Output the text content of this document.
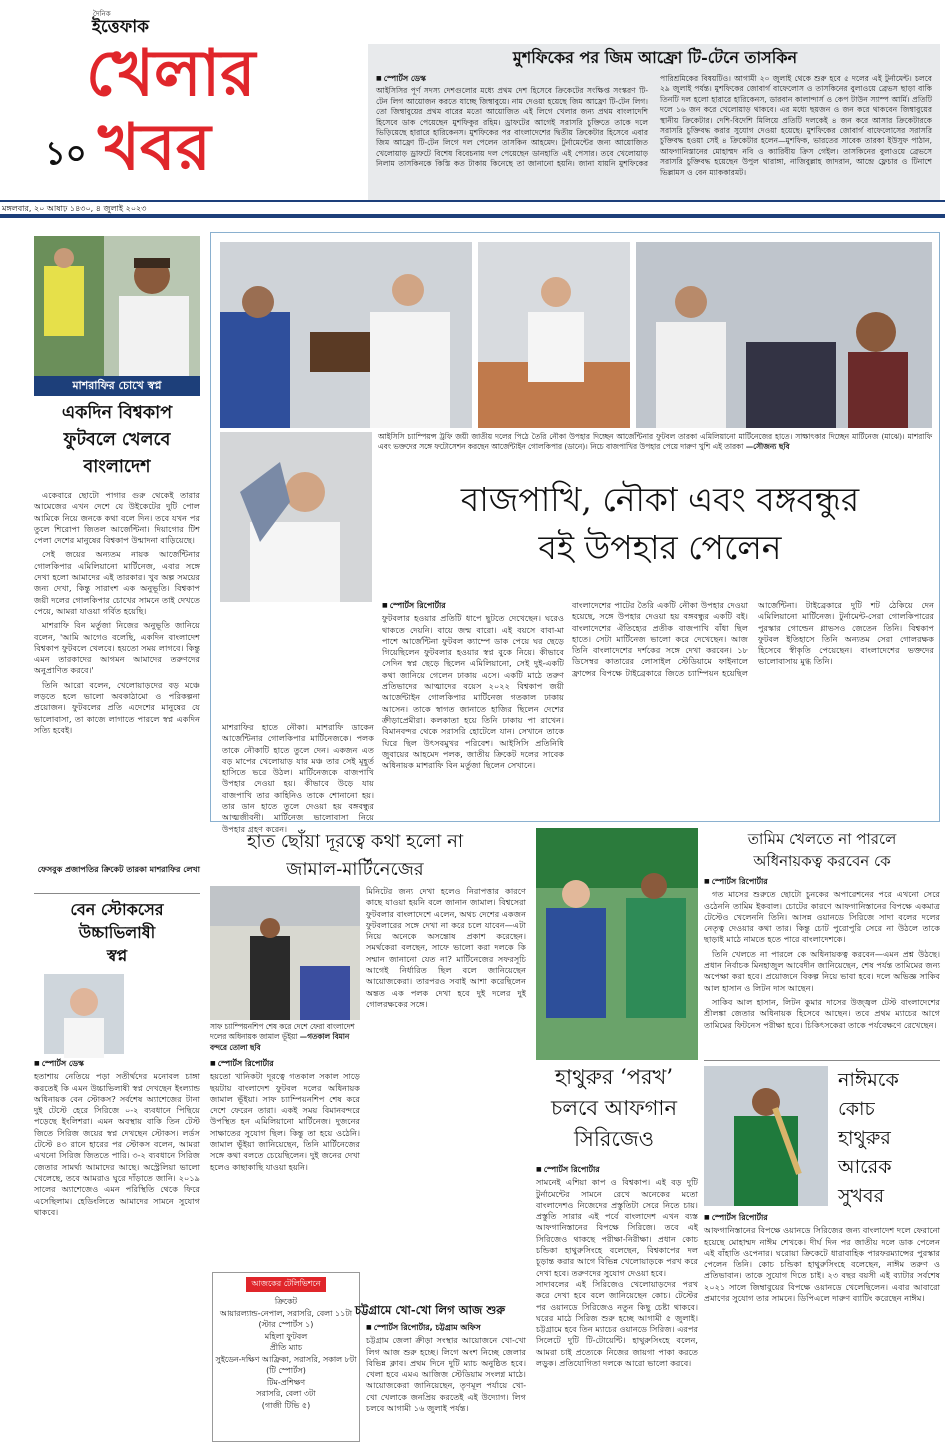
দৈনিক
ইত্তেফাক
খেলার
১০ খবর
মুশফিকের পর জিম আফ্রো টি-টেনে তাসকিন
■ স্পোর্টস ডেস্ক
আইসিসির পূর্ণ সদস্য দেশগুলোর মধ্যে প্রথম দেশ হিসেবে ক্রিকেটের সংক্ষিপ্ত সংস্করণ টি-টেন লিগ আয়োজন করতে যাচ্ছে জিম্বাবুয়ে। নাম দেওয়া হয়েছে জিম আফ্রো টি-টেন লিগ। তো জিম্বাবুয়ের প্রথম বারের মতো আয়োজিত এই লিগে খেলার জন্য প্রথম বাংলাদেশি হিসেবে ডাক পেয়েছেন মুশফিকুর রহিম। ড্রাফটের আগেই সরাসরি চুক্তিতে তাকে দলে ভিড়িয়েছে হারারে হারিকেনস। মুশফিকের পর বাংলাদেশের দ্বিতীয় ক্রিকেটার হিসেবে এবার জিম আফ্রো টি-টেন লিগে দল পেলেন তাসকিন আহমেদ। টুর্নামেন্টের জন্য আয়োজিত খেলোয়াড় ড্রাফটে বিশেষ বিবেচনায় দল পেয়েছেন ডানহাতি এই পেসার। তবে খেলোয়াড় নিলাম তাসকিনকে কিস্তি কত টাকায় কিনেছে তা জানানো হয়নি। জানা যায়নি মুশফিকের পারিশ্রমিকের বিষয়টিও। আগামী ২০ জুলাই থেকে শুরু হবে ৫ দলের এই টুর্নামেন্ট। চলবে ২৯ জুলাই পর্যন্ত। মুশফিকের জোবার্গ বাফেলোস ও তাসকিনের বুলাওয়ে ব্রেভস ছাড়া বাকি তিনটি দল হলো হারারে হারিকেনস, ডারবান কালান্দার্স ও কেপ টাউন স্যাম্প আর্মি। প্রতিটি দলে ১৬ জন করে খেলোয়াড় থাকবে। এর মধ্যে ছয়জন ও জন করে থাকবেন জিম্বাবুয়ের স্থানীয় ক্রিকেটার। দেশি-বিদেশি মিলিয়ে প্রতিটি দলকেই ৪ জন করে আসার ক্রিকেটারকে সরাসরি চুক্তিবদ্ধ করার সুযোগ দেওয়া হয়েছে। মুশফিকের জোবার্গ বাফেলোসের সরাসরি চুক্তিবদ্ধ হওয়া সেই ৪ ক্রিকেটার হলেন—মুশফিক, ভারতের সাবেক তারকা ইউসুফ পাঠান, আফগানিস্তানের মোহাম্মদ নবি ও ক্যারিবীয় ক্রিস গেইল। তাসকিনের বুলাওয়ে ব্রেভসে সরাসরি চুক্তিবদ্ধ হয়েছেন উপুল থারাঙ্গা, নাজিবুল্লাহ জাদরান, আন্দ্রে ফ্লেচার ও টিনাশে ভিল্লামস ও বেন ম্যাককারমট।
মঙ্গলবার, ২০ আষাঢ় ১৪৩০, ৪ জুলাই ২০২৩
মাশরাফির চোখে স্বপ্ন
একদিন বিশ্বকাপ ফুটবলে খেলবে বাংলাদেশ

একেবারে ছোটো পাগার গুরু থেকেই তারার আমেজের এখন দেশে যে উইকেটের দুটি পোল আমিকে নিয়ে জনকে কথা বলে দিন। তবে যখন পর তুলে শিরোপা জিতল আর্জেন্টিনা। দিয়াগোর টিশ পেলা দেশের মানুষের বিশ্বকাপ উন্মাদনা বাড়িয়েছে।

সেই জয়ের অন্যতম নায়ক আর্জেন্টিনার গোলকিপার এমিলিয়ানো মার্টিনেজ, এবার সঙ্গে দেখা হলো আমাদের এই তারকার। খুব অল্প সময়ের জন্য দেখা, কিন্তু সারাংশ এক অনুভূতি। বিশ্বকাপ জয়ী দলের গোলকিপার চোখের সামনে তাই দেখতে পেয়ে, আমরা যাওয়া গর্বিত হয়েছি।

মাশরাফি বিন মর্তুজা নিজের অনুভূতি জানিয়ে বলেন, 'আমি আগেও বলেছি, একদিন বাংলাদেশ বিশ্বকাপ ফুটবলে খেলবে। হয়তো সময় লাগবে। কিন্তু এমন তারকাদের আগমন আমাদের তরুণদের অনুপ্রাণিত করবে।'

তিনি আরো বলেন, খেলোয়াড়দের বড় মঞ্চে লড়তে হলে ভালো অবকাঠামো ও পরিকল্পনা প্রয়োজন। ফুটবলের প্রতি এদেশের মানুষের যে ভালোবাসা, তা কাজে লাগাতে পারলে স্বপ্ন একদিন সত্যি হবেই।

ফেসবুক প্রজাপতির ক্রিকেট তারকা মাশরাফির লেখা
বেন স্টোকসের
উচ্চাভিলাষী
স্বপ্ন
■ স্পোর্টস ডেস্ক
হতাশায় নেতিয়ে পড়া সতীর্থদের মনোবল চাঙ্গা করতেই কি এমন উচ্চাভিলাষী স্বপ্ন দেখছেন ইংল্যান্ড অধিনায়ক বেন স্টোকস? সর্বশেষ অ্যাশেজের টানা দুই টেস্টে হেরে সিরিজে ০-২ ব্যবধানে পিছিয়ে পড়েছে ইংলিশরা। এমন অবস্থায় বাকি তিন টেস্ট জিতে সিরিজ জয়ের স্বপ্ন দেখছেন স্টোকস। লর্ডস টেস্টে ৪৩ রানে হারের পর স্টোকস বলেন, আমরা এখনো সিরিজ জিততে পারি। ৩-২ ব্যবধানে সিরিজ জেতার সামর্থ্য আমাদের আছে। অস্ট্রেলিয়া ভালো খেলেছে, তবে আমরাও ঘুরে দাঁড়াতে জানি। ২০১৯ সালের অ্যাশেজেও এমন পরিস্থিতি থেকে ফিরে এসেছিলাম। হেডিংলিতে আমাদের সামনে সুযোগ থাকবে।
আইসিসি চ্যাম্পিয়ন্স ট্রফি জয়ী জাতীয় দলের পিঠে তৈরি নৌকা উপহার দিচ্ছেন আর্জেন্টিনার ফুটবল তারকা এমিলিয়ানো মার্টিনেজের হাতে। সাক্ষাৎকার দিচ্ছেন মার্টিনেজ (মাঝে)। মাশরাফি এবং ভক্তদের সঙ্গে ফটোসেশন করছেন আর্জেন্টাইন গোলকিপার (ডানে)। নিচে বাজপাখির উপহার পেয়ে দারুণ খুশি এই তারকা —সৌজন্য ছবি
বাজপাখি, নৌকা এবং বঙ্গবন্ধুর
বই উপহার পেলেন
■ স্পোর্টস রিপোর্টার
ফুটবলার হওয়ার প্রতিটি ধাপে ছুটতে দেখেছেন। ঘরেও থাকতে দেয়নি। বায়ে জন্ম বারো। এই বয়সে বাবা-মা পাশে আর্জেন্টিনা ফুটবল ক্যাম্পে ডাক পেয়ে ঘর ছেড়ে গিয়েছিলেন ফুটবলার হওয়ার স্বপ্ন বুকে নিয়ে। কীভাবে সেদিন স্বপ্ন ছেড়ে ছিলেন এমিলিয়ানো, সেই দুই-একটি কথা জানিয়ে গেলেন ঢাকায় এসে। একটি মাঠে তরুণ প্রতিভাদের আত্মাদের বয়েস ২০২২ বিশ্বকাপ জয়ী আর্জেন্টাইন গোলকিপার মার্টিনেজ গতকাল ঢাকায় আসেন। তাকে স্বাগত জানাতে হাজির ছিলেন দেশের ক্রীড়াপ্রেমীরা। কলকাতা হয়ে তিনি ঢাকায় পা রাখেন। বিমানবন্দর থেকে সরাসরি হোটেলে যান। সেখানে তাকে ঘিরে ছিল উৎসবমুখর পরিবেশ। আইসিসি প্রতিনিধি জুবায়ের আহমেদ পলক, জাতীয় ক্রিকেট দলের সাবেক অধিনায়ক মাশরাফি বিন মর্তুজা ছিলেন সেখানে।
মাশরাফির হাতে নৌকা। মাশরাফি ডাকেন আর্জেন্টিনার গোলকিপার মার্টিনেজকে। পলক তাকে নৌকাটি হাতে তুলে দেন। একজন এত বড় মাপের খেলোয়াড় যার মঞ্চ তার সেই মূহূর্ত হাসিতে ভরে উঠল। মার্টিনেজকে বাজপাখি উপহার দেওয়া হয়। কীভাবে উড়ে যায় বাজপাখি তার কাহিনিও তাকে শোনানো হয়। তার ডান হাতে তুলে দেওয়া হয় বঙ্গবন্ধুর আত্মজীবনী। মার্টিনেজ ভালোবাসা নিয়ে উপহার গ্রহণ করেন।
বাংলাদেশের পাটের তৈরি একটি নৌকা উপহার দেওয়া হয়েছে, সঙ্গে উপহার দেওয়া হয় বঙ্গবন্ধুর একটি বই। বাংলাদেশের ঐতিহ্যের প্রতীক বাজপাখি বাঁধা ছিল হাতে। সেটা মার্টিনেজ ভালো করে দেখেছেন। আজ তিনি বাংলাদেশের দর্শকের সঙ্গে দেখা করবেন। ১৮ ডিসেম্বর কাতারের লোসাইল স্টেডিয়ামে ফাইনালে ফ্রান্সের বিপক্ষে টাইব্রেকারে জিতে চ্যাম্পিয়ন হয়েছিল আর্জেন্টিনা। টাইব্রেকারে দুটি শট ঠেকিয়ে দেন এমিলিয়ানো মার্টিনেজ। টুর্নামেন্ট-সেরা গোলকিপারের পুরস্কার গোল্ডেন গ্লাভসও জেতেন তিনি। বিশ্বকাপ ফুটবল ইতিহাসে তিনি অন্যতম সেরা গোলরক্ষক হিসেবে স্বীকৃতি পেয়েছেন। বাংলাদেশের ভক্তদের ভালোবাসায় মুগ্ধ তিনি।
হাত ছোঁয়া দূরত্বে কথা হলো না
জামাল-মার্টিনেজের
সাফ চ্যাম্পিয়নশিপ শেষ করে দেশে ফেরা বাংলাদেশ দলের অধিনায়ক জামাল ভূঁইয়া —গতকাল বিমান বন্দরে তোলা ছবি
■ স্পোর্টস রিপোর্টার
হয়তো খানিকটা দূরত্বে গতকাল সকাল সাড়ে ছয়টায় বাংলাদেশ ফুটবল দলের অধিনায়ক জামাল ভূঁইয়া। সাফ চ্যাম্পিয়নশিপ শেষ করে দেশে ফেরেন তারা। একই সময় বিমানবন্দরে উপস্থিত হন এমিলিয়ানো মার্টিনেজ। দুজনের সাক্ষাতের সুযোগ ছিল। কিন্তু তা হয়ে ওঠেনি। জামাল ভূঁইয়া জানিয়েছেন, তিনি মার্টিনেজের সঙ্গে কথা বলতে চেয়েছিলেন। দুই জনের দেখা হলেও কাছাকাছি যাওয়া হয়নি।
মিনিটের জন্য দেখা হলেও নিরাপত্তার কারণে কাছে যাওয়া হয়নি বলে জানান জামাল। বিশ্বসেরা ফুটবলার বাংলাদেশে এলেন, অথচ দেশের একজন ফুটবলারের সঙ্গে দেখা না করে চলে যাবেন—এটা নিয়ে অনেকে অসন্তোষ প্রকাশ করেছেন। সমর্থকেরা বলছেন, সাফে ভালো করা দলকে কি সম্মান জানানো যেত না? মার্টিনেজের সফরসূচি আগেই নির্ধারিত ছিল বলে জানিয়েছেন আয়োজকেরা। তারপরও সবাই আশা করেছিলেন অন্তত এক পলক দেখা হবে দুই দলের দুই গোলরক্ষকের সঙ্গে।
আজকের টেলিভিশনে
ক্রিকেট
আয়ারল্যান্ড-নেপাল, সরাসরি, বেলা ১১টা
(স্টার স্পোর্টস ১)
মহিলা ফুটবল
প্রীতি ম্যাচ
সুইডেন-দক্ষিণ আফ্রিকা, সরাসরি, সকাল ৮টা
(টি স্পোর্টস)
টিম-প্রশিক্ষণ
সরাসরি, বেলা ৩টা
(গাজী টিভি ৫)
চট্টগ্রামে খো-খো লিগ আজ শুরু
■ স্পোর্টস রিপোর্টার, চট্টগ্রাম অফিস
চট্টগ্রাম জেলা ক্রীড়া সংস্থার আয়োজনে খো-খো লিগ আজ শুরু হচ্ছে। লিগে অংশ নিচ্ছে জেলার বিভিন্ন ক্লাব। প্রথম দিনে দুটি ম্যাচ অনুষ্ঠিত হবে। খেলা হবে এমএ আজিজ স্টেডিয়াম সংলগ্ন মাঠে। আয়োজকেরা জানিয়েছেন, তৃণমূল পর্যায়ে খো-খো খেলাকে জনপ্রিয় করতেই এই উদ্যোগ। লিগ চলবে আগামী ১৬ জুলাই পর্যন্ত।
হাথুরুর ‘পরখ’
চলবে আফগান
সিরিজেও
■ স্পোর্টস রিপোর্টার
সামনেই এশিয়া কাপ ও বিশ্বকাপ। এই বড় দুটি টুর্নামেন্টের সামনে রেখে অনেকের মতো বাংলাদেশও নিজেদের প্রস্তুতিটা সেরে নিতে চায়। প্রস্তুতি সারার এই পর্বে বাংলাদেশ এখন ব্যস্ত আফগানিস্তানের বিপক্ষে সিরিজে। তবে এই সিরিজেও থাকছে পরীক্ষা-নিরীক্ষা। প্রধান কোচ চন্ডিকা হাথুরুসিংহে বলেছেন, বিশ্বকাপের দল চূড়ান্ত করার আগে বিভিন্ন খেলোয়াড়কে পরখ করে দেখা হবে। তরুণদের সুযোগ দেওয়া হবে।
সাদাবলের এই সিরিজেও খেলোয়াড়দের পরখ করে দেখা হবে বলে জানিয়েছেন কোচ। টেস্টের পর ওয়ানডে সিরিজেও নতুন কিছু চেষ্টা থাকবে। ঘরের মাঠে সিরিজ শুরু হচ্ছে আগামী ৫ জুলাই। চট্টগ্রামে হবে তিন ম্যাচের ওয়ানডে সিরিজ। এরপর সিলেটে দুটি টি-টোয়েন্টি। হাথুরুসিংহে বলেন, আমরা চাই প্রত্যেকে নিজের জায়গা পাকা করতে লড়ুক। প্রতিযোগিতা দলকে আরো ভালো করবে।
তামিম খেলতে না পারলে
অধিনায়কত্ব করবেন কে
■ স্পোর্টস রিপোর্টার

গত মাসের শুরুতে ছোটো চুনকের অপারেশনের পরে এখনো সেরে ওঠেননি তামিম ইকবাল। চোটের কারণে আফগানিস্তানের বিপক্ষে একমাত্র টেস্টেও খেলেননি তিনি। আসন্ন ওয়ানডে সিরিজে সাদা বলের দলের নেতৃত্ব দেওয়ার কথা তার। কিন্তু চোট পুরোপুরি সেরে না উঠলে তাকে ছাড়াই মাঠে নামতে হতে পারে বাংলাদেশকে।

তিনি খেলতে না পারলে কে অধিনায়কত্ব করবেন—এমন প্রশ্ন উঠছে। প্রধান নির্বাচক মিনহাজুল আবেদীন জানিয়েছেন, শেষ পর্যন্ত তামিমের জন্য অপেক্ষা করা হবে। প্রয়োজনে বিকল্প নিয়ে ভাবা হবে। দলে অভিজ্ঞ সাকিব আল হাসান ও লিটন দাস আছেন।

সাকিব আল হাসান, লিটন কুমার দাসের উজ্জ্বল টেস্ট বাংলাদেশের শ্রীলঙ্কা জেতার অধিনায়ক হিসেবে আছেন। তবে প্রথম ম্যাচের আগে তামিমের ফিটনেস পরীক্ষা হবে। চিকিৎসকেরা তাকে পর্যবেক্ষণে রেখেছেন।

নাঈমকে
কোচ
হাথুরুর
আরেক
সুখবর
■ স্পোর্টস রিপোর্টার
আফগানিস্তানের বিপক্ষে ওয়ানডে সিরিজের জন্য বাংলাদেশ দলে ফেরানো হয়েছে মোহাম্মদ নাঈম শেখকে। দীর্ঘ দিন পর জাতীয় দলে ডাক পেলেন এই বাঁহাতি ওপেনার। ঘরোয়া ক্রিকেটে ধারাবাহিক পারফরম্যান্সের পুরস্কার পেলেন তিনি। কোচ চন্ডিকা হাথুরুসিংহে বলেছেন, নাঈম তরুণ ও প্রতিভাবান। তাকে সুযোগ দিতে চাই। ২৩ বছর বয়সী এই ব্যাটার সর্বশেষ ২০২১ সালে জিম্বাবুয়ের বিপক্ষে ওয়ানডে খেলেছিলেন। এবার আবারো প্রমাণের সুযোগ তার সামনে। ডিপিএলে দারুণ ব্যাটিং করেছেন নাঈম।
